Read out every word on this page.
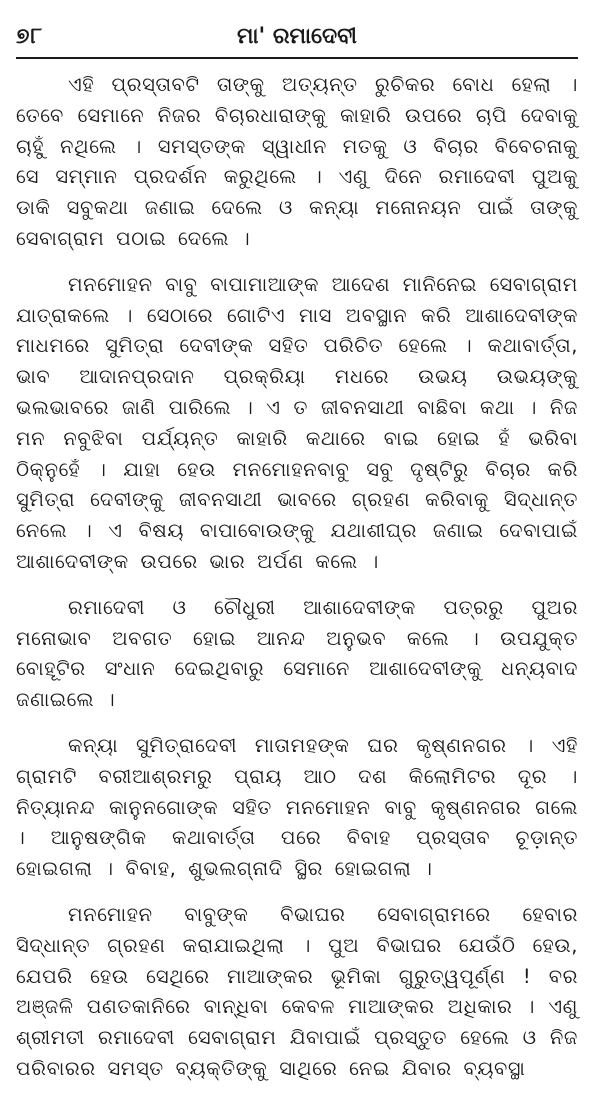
୭୮	ମା' ରମାଦେବୀ

ଏହି ପ୍ରସ୍ତାବଟି ତାଙ୍କୁ ଅତ୍ୟନ୍ତ ରୁଚିକର ବୋଧ ହେଲା । ତେବେ ସେମାନେ ନିଜର ବିଚାରଧାରାଙ୍କୁ କାହାରି ଉପରେ ଚାପି ଦେବାକୁ ଚାହୁଁ ନଥିଲେ । ସମସ୍ତଙ୍କ ସ୍ୱାଧୀନ ମତକୁ ଓ ବିଚାର ବିବେଚନାକୁ ସେ ସମ୍ମାନ ପ୍ରଦର୍ଶନ କରୁଥିଲେ । ଏଣୁ ଦିନେ ରମାଦେବୀ ପୁଅକୁ ଡାକି ସବୁକଥା ଜଣାଇ ଦେଲେ ଓ କନ୍ୟା ମନୋନୟନ ପାଇଁ ତାଙ୍କୁ ସେବାଗ୍ରାମ ପଠାଇ ଦେଲେ ।

ମନମୋହନ ବାବୁ ବାପାମାଆଙ୍କ ଆଦେଶ ମାନିନେଇ ସେବାଗ୍ରାମ ଯାତ୍ରାକଲେ । ସେଠାରେ ଗୋଟିଏ ମାସ ଅବସ୍ଥାନ କରି ଆଶାଦେବୀଙ୍କ ମାଧମରେ ସୁମିତ୍ରା ଦେବୀଙ୍କ ସହିତ ପରିଚିତ ହେଲେ । କଥାବାର୍ତ୍ତା, ଭାବ ଆଦାନପ୍ରଦାନ ପ୍ରକ୍ରିୟା ମଧରେ ଉଭୟ ଉଭୟଙ୍କୁ ଭଲଭାବରେ ଜାଣି ପାରିଲେ । ଏ ତ ଜୀବନସାଥୀ ବାଛିବା କଥା । ନିଜ ମନ ନବୁଝିବା ପର୍ଯ୍ୟନ୍ତ କାହାରି କଥାରେ ବାଇ ହୋଇ ହଁ ଭରିବା ଠିକ୍‌ନୁହେଁ । ଯାହା ହେଉ ମନମୋହନବାବୁ ସବୁ ଦୃଷ୍ଟିରୁ ବିଚାର କରି ସୁମିତ୍ରା ଦେବୀଙ୍କୁ ଜୀବନସାଥୀ ଭାବରେ ଗ୍ରହଣ କରିବାକୁ ସିଦ୍ଧାନ୍ତ ନେଲେ । ଏ ବିଷୟ ବାପାବୋଉଙ୍କୁ ଯଥାଶୀଘ୍ର ଜଣାଇ ଦେବାପାଇଁ ଆଶାଦେବୀଙ୍କ ଉପରେ ଭାର ଅର୍ପଣ କଲେ ।

ରମାଦେବୀ ଓ ଚୌଧୁରୀ ଆଶାଦେବୀଙ୍କ ପତ୍ରରୁ ପୁଅର ମନୋଭାବ ଅବଗତ ହୋଇ ଆନନ୍ଦ ଅନୁଭବ କଲେ । ଉପଯୁକ୍ତ ବୋହୂଟିର ସଂଧାନ ଦେଇଥିବାରୁ ସେମାନେ ଆଶାଦେବୀଙ୍କୁ ଧନ୍ୟବାଦ ଜଣାଇଲେ ।

କନ୍ୟା ସୁମିତ୍ରାଦେବୀ ମାତାମହଙ୍କ ଘର କୃଷ୍ଣନଗର । ଏହି ଗ୍ରାମଟି ବରୀଆଶ୍ରମରୁ ପ୍ରାୟ ଆଠ ଦଶ କିଲୋମିଟର ଦୂର । ନିତ୍ୟାନନ୍ଦ କାନୁନଗୋଙ୍କ ସହିତ ମନମୋହନ ବାବୁ କୃଷ୍ଣନଗର ଗଲେ । ଆନୁଷଙ୍ଗିକ କଥାବାର୍ତ୍ତା ପରେ ବିବାହ ପ୍ରସ୍ତାବ ଚୂଡ଼ାନ୍ତ ହୋଇଗଲା । ବିବାହ, ଶୁଭଲଗ୍ନାଦି ସ୍ଥିର ହୋଇଗଲା ।

ମନମୋହନ ବାବୁଙ୍କ ବିଭାଘର ସେବାଗ୍ରାମରେ ହେବାର ସିଦ୍ଧାନ୍ତ ଗ୍ରହଣ କରାଯାଇଥିଲା । ପୁଅ ବିଭାଘର ଯେଉଁଠି ହେଉ, ଯେପରି ହେଉ ସେଥିରେ ମାଆଙ୍କର ଭୂମିକା ଗୁରୁତ୍ୱପୂର୍ଣ୍ଣ ! ବର ଅଞ୍ଜଳି ପଣତକାନିରେ ବାନ୍ଧିବା କେବଳ ମାଆଙ୍କର ଅଧିକାର । ଏଣୁ ଶ୍ରୀମତୀ ରମାଦେବୀ ସେବାଗ୍ରାମ ଯିବାପାଇଁ ପ୍ରସ୍ତୁତ ହେଲେ ଓ ନିଜ ପରିବାରର ସମସ୍ତ ବ୍ୟକ୍ତିଙ୍କୁ ସାଥିରେ ନେଇ ଯିବାର ବ୍ୟବସ୍ଥା
